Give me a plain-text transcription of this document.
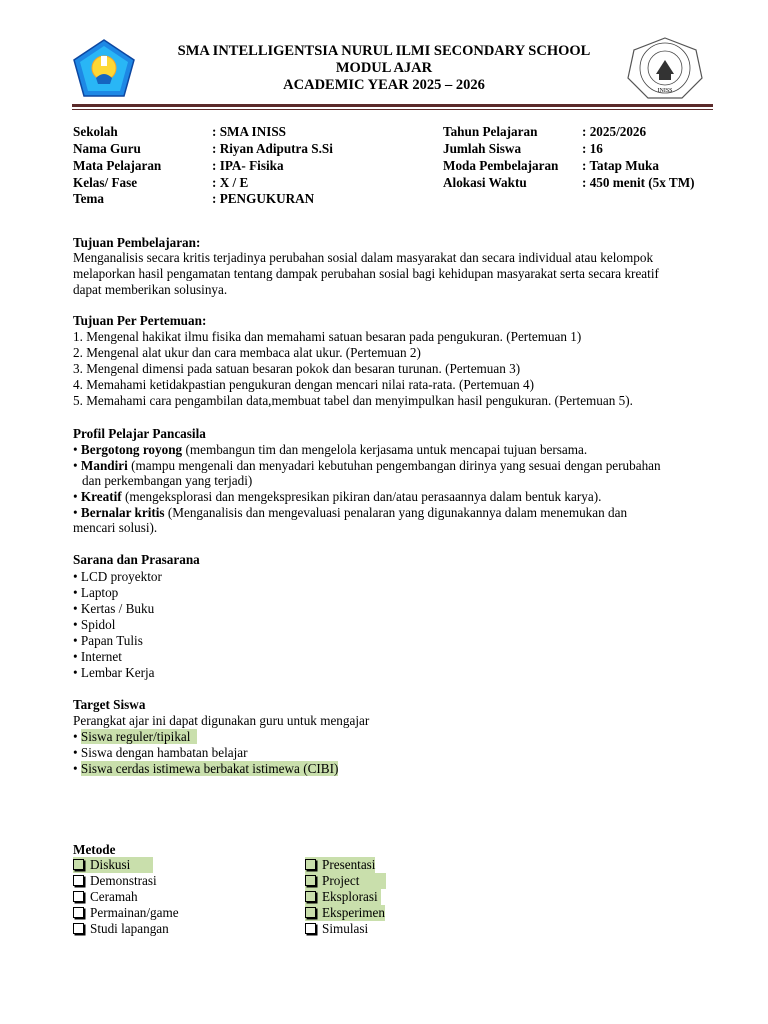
SMA INTELLIGENTSIA NURUL ILMI SECONDARY SCHOOL
MODUL AJAR
ACADEMIC YEAR 2025 – 2026	INISS
Sekolah	: SMA INISS
Nama Guru	: Riyan Adiputra S.Si
Mata Pelajaran	: IPA- Fisika
Kelas/ Fase	: X / E
Tema	: PENGUKURAN
Tahun Pelajaran	: 2025/2026
Jumlah Siswa	: 16
Moda Pembelajaran : Tatap Muka
Alokasi Waktu	: 450 menit (5x TM)
Tujuan Pembelajaran:
Menganalisis secara kritis terjadinya perubahan sosial dalam masyarakat dan secara individual atau kelompok
melaporkan hasil pengamatan tentang dampak perubahan sosial bagi kehidupan masyarakat serta secara kreatif
dapat memberikan solusinya.
Tujuan Per Pertemuan:
1. Mengenal hakikat ilmu fisika dan memahami satuan besaran pada pengukuran. (Pertemuan 1)
2. Mengenal alat ukur dan cara membaca alat ukur. (Pertemuan 2)
3. Mengenal dimensi pada satuan besaran pokok dan besaran turunan. (Pertemuan 3)
4. Memahami ketidakpastian pengukuran dengan mencari nilai rata-rata. (Pertemuan 4)
5. Memahami cara pengambilan data,membuat tabel dan menyimpulkan hasil pengukuran. (Pertemuan 5).
Profil Pelajar Pancasila
• Bergotong royong (membangun tim dan mengelola kerjasama untuk mencapai tujuan bersama.
• Mandiri (mampu mengenali dan menyadari kebutuhan pengembangan dirinya yang sesuai dengan perubahan
dan perkembangan yang terjadi)
• Kreatif (mengeksplorasi dan mengekspresikan pikiran dan/atau perasaannya dalam bentuk karya).
• Bernalar kritis (Menganalisis dan mengevaluasi penalaran yang digunakannya dalam menemukan dan
mencari solusi).
Sarana dan Prasarana
• LCD proyektor
• Laptop
• Kertas / Buku
• Spidol
• Papan Tulis
• Internet
• Lembar Kerja
Target Siswa
Perangkat ajar ini dapat digunakan guru untuk mengajar
• Siswa reguler/tipikal
• Siswa dengan hambatan belajar
• Siswa cerdas istimewa berbakat istimewa (CIBI)
Metode
Diskusi
Demonstrasi
Ceramah
Permainan/game
Studi lapangan
Presentasi
Project
Eksplorasi
Eksperimen
Simulasi
